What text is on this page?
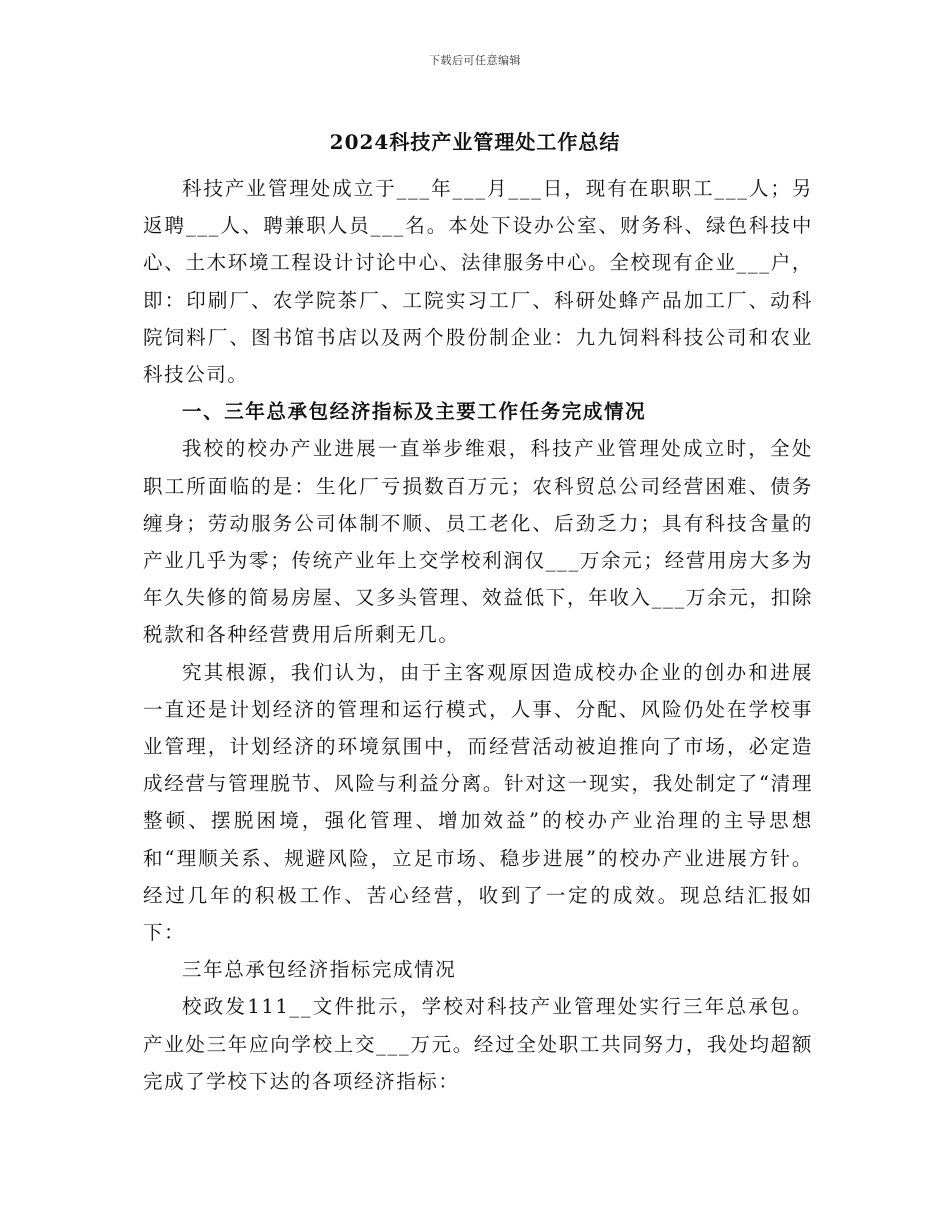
下载后可任意编辑
2024科技产业管理处工作总结

科技产业管理处成立于___年___月___日，现有在职职工___人；另返聘___人、聘兼职人员___名。本处下设办公室、财务科、绿色科技中心、土木环境工程设计讨论中心、法律服务中心。全校现有企业___户，即：印刷厂、农学院茶厂、工院实习工厂、科研处蜂产品加工厂、动科院饲料厂、图书馆书店以及两个股份制企业：九九饲料科技公司和农业科技公司。

一、三年总承包经济指标及主要工作任务完成情况

我校的校办产业进展一直举步维艰，科技产业管理处成立时，全处职工所面临的是：生化厂亏损数百万元；农科贸总公司经营困难、债务缠身；劳动服务公司体制不顺、员工老化、后劲乏力；具有科技含量的产业几乎为零；传统产业年上交学校利润仅___万余元；经营用房大多为年久失修的简易房屋、又多头管理、效益低下，年收入___万余元，扣除税款和各种经营费用后所剩无几。

究其根源，我们认为，由于主客观原因造成校办企业的创办和进展一直还是计划经济的管理和运行模式，人事、分配、风险仍处在学校事业管理，计划经济的环境氛围中，而经营活动被迫推向了市场，必定造成经营与管理脱节、风险与利益分离。针对这一现实，我处制定了“清理整顿、摆脱困境，强化管理、增加效益”的校办产业治理的主导思想和“理顺关系、规避风险，立足市场、稳步进展”的校办产业进展方针。经过几年的积极工作、苦心经营，收到了一定的成效。现总结汇报如下：

三年总承包经济指标完成情况

校政发111__文件批示，学校对科技产业管理处实行三年总承包。产业处三年应向学校上交___万元。经过全处职工共同努力，我处均超额完成了学校下达的各项经济指标：
